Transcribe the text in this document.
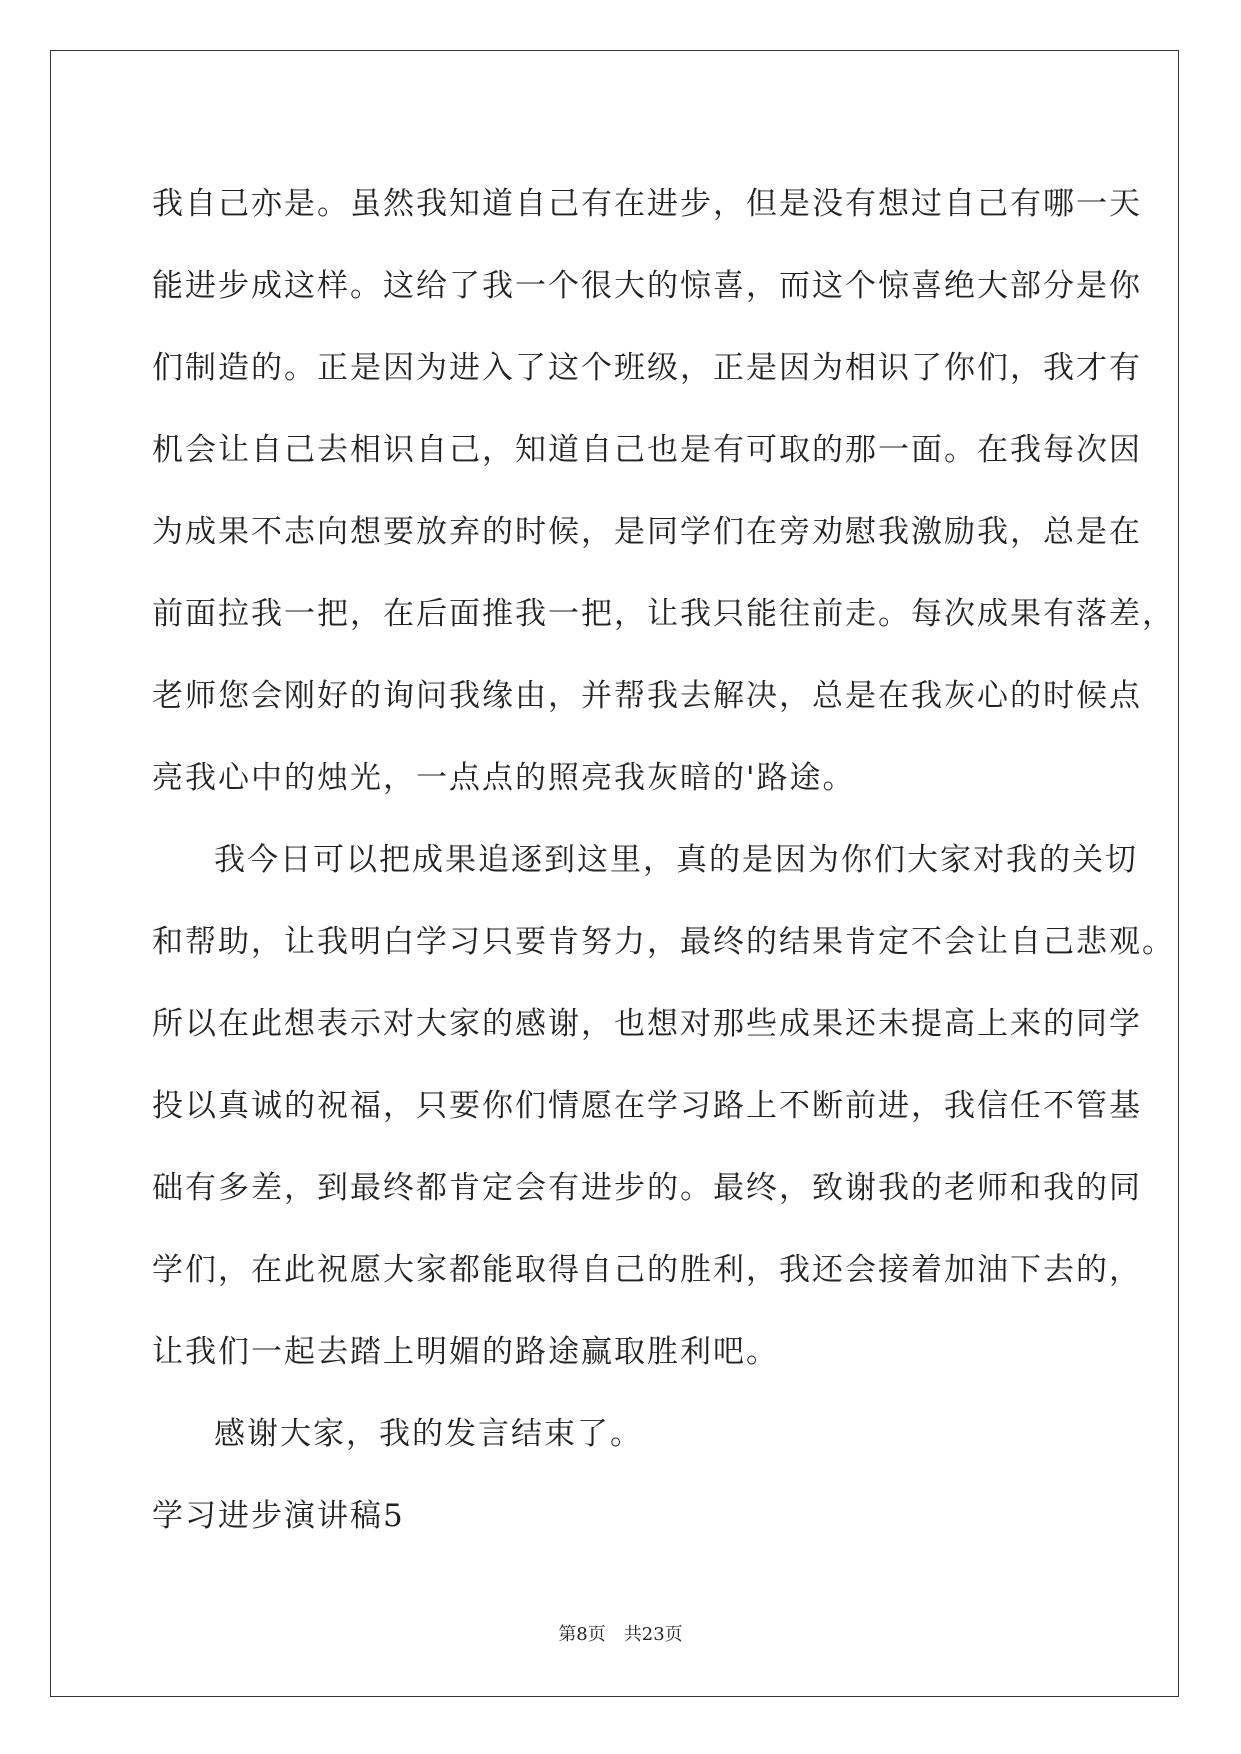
我自己亦是。虽然我知道自己有在进步，但是没有想过自己有哪一天
能进步成这样。这给了我一个很大的惊喜，而这个惊喜绝大部分是你
们制造的。正是因为进入了这个班级，正是因为相识了你们，我才有
机会让自己去相识自己，知道自己也是有可取的那一面。在我每次因
为成果不志向想要放弃的时候，是同学们在旁劝慰我激励我，总是在
前面拉我一把，在后面推我一把，让我只能往前走。每次成果有落差，
老师您会刚好的询问我缘由，并帮我去解决，总是在我灰心的时候点
亮我心中的烛光，一点点的照亮我灰暗的'路途。
我今日可以把成果追逐到这里，真的是因为你们大家对我的关切
和帮助，让我明白学习只要肯努力，最终的结果肯定不会让自己悲观。
所以在此想表示对大家的感谢，也想对那些成果还未提高上来的同学
投以真诚的祝福，只要你们情愿在学习路上不断前进，我信任不管基
础有多差，到最终都肯定会有进步的。最终，致谢我的老师和我的同
学们，在此祝愿大家都能取得自己的胜利，我还会接着加油下去的，
让我们一起去踏上明媚的路途赢取胜利吧。
感谢大家，我的发言结束了。
学习进步演讲稿5
第8页　共23页
